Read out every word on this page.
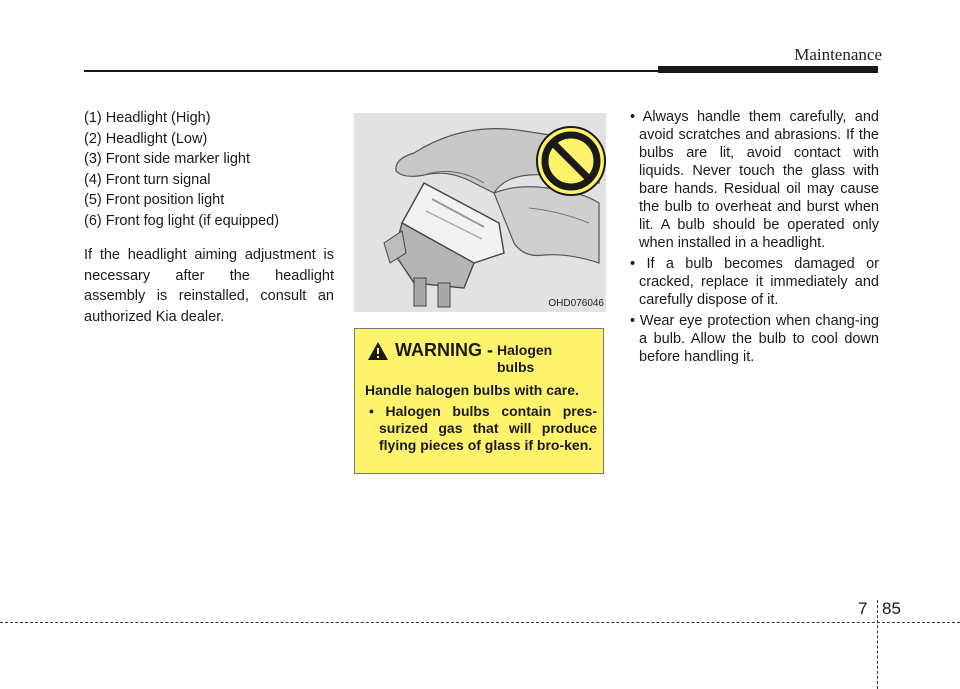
Maintenance
(1) Headlight (High)
(2) Headlight (Low)
(3) Front side marker light
(4) Front turn signal
(5) Front position light
(6) Front fog light (if equipped)

If the headlight aiming adjustment is necessary after the headlight assembly is reinstalled, consult an authorized Kia dealer.

OHD076046
WARNING - Halogen bulbs
Handle halogen bulbs with care.
• Halogen bulbs contain pres-surized gas that will produce flying pieces of glass if bro-ken.
• Always handle them carefully, and avoid scratches and abrasions. If the bulbs are lit, avoid contact with liquids. Never touch the glass with bare hands. Residual oil may cause the bulb to overheat and burst when lit. A bulb should be operated only when installed in a headlight.
• If a bulb becomes damaged or cracked, replace it immediately and carefully dispose of it.
• Wear eye protection when chang-ing a bulb. Allow the bulb to cool down before handling it.
7 85
